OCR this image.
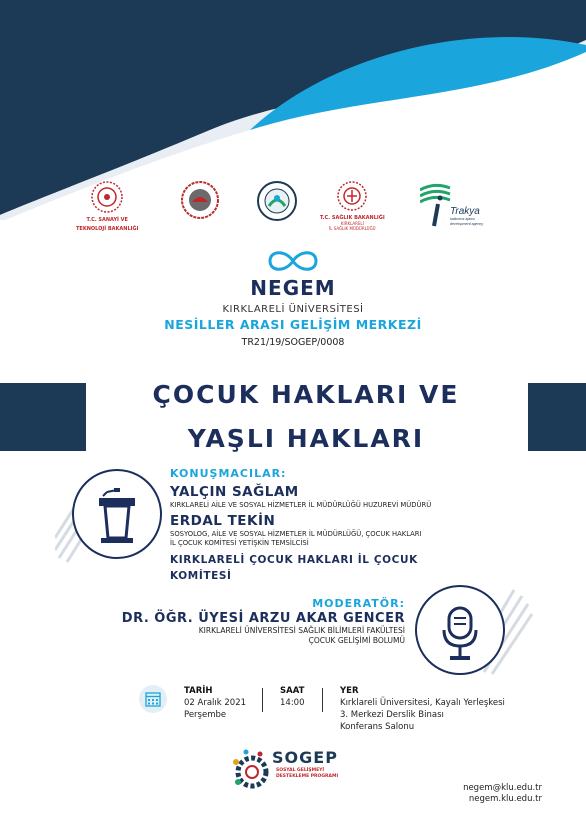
T.C. SANAYİ VE
TEKNOLOJİ BAKANLIĞI
T.C. SAĞLIK BAKANLIĞI
KIRKLARELİ
İL SAĞLIK MÜDÜRLÜĞÜ
Trakya
kalkınma ajansı
development agency
NEGEM
KIRKLARELİ ÜNİVERSİTESİ
NESİLLER ARASI GELİŞİM MERKEZİ
TR21/19/SOGEP/0008
ÇOCUK HAKLARI VE
YAŞLI HAKLARI
KONUŞMACILAR:
YALÇIN SAĞLAM
KIRKLARELİ AİLE VE SOSYAL HİZMETLER İL MÜDÜRLÜĞÜ HUZUREVİ MÜDÜRÜ
ERDAL TEKİN
SOSYOLOG, AİLE VE SOSYAL HİZMETLER İL MÜDÜRLÜĞÜ, ÇOCUK HAKLARI
İL ÇOCUK KOMİTESİ YETİŞKİN TEMSİLCİSİ
KIRKLARELİ ÇOCUK HAKLARI İL ÇOCUK
KOMİTESİ
MODERATÖR:
DR. ÖĞR. ÜYESİ ARZU AKAR GENCER
KIRKLARELİ ÜNİVERSİTESİ SAĞLIK BİLİMLERİ FAKÜLTESİ
ÇOCUK GELİŞİMİ BOLUMÜ
TARİH
02 Aralık 2021
Perşembe
SAAT
14:00
YER
Kırklareli Üniversitesi, Kayalı Yerleşkesi
3. Merkezi Derslik Binası
Konferans Salonu
SOGEP
SOSYAL GELİŞMEYİ
DESTEKLEME PROGRAMI
negem@klu.edu.tr
negem.klu.edu.tr
